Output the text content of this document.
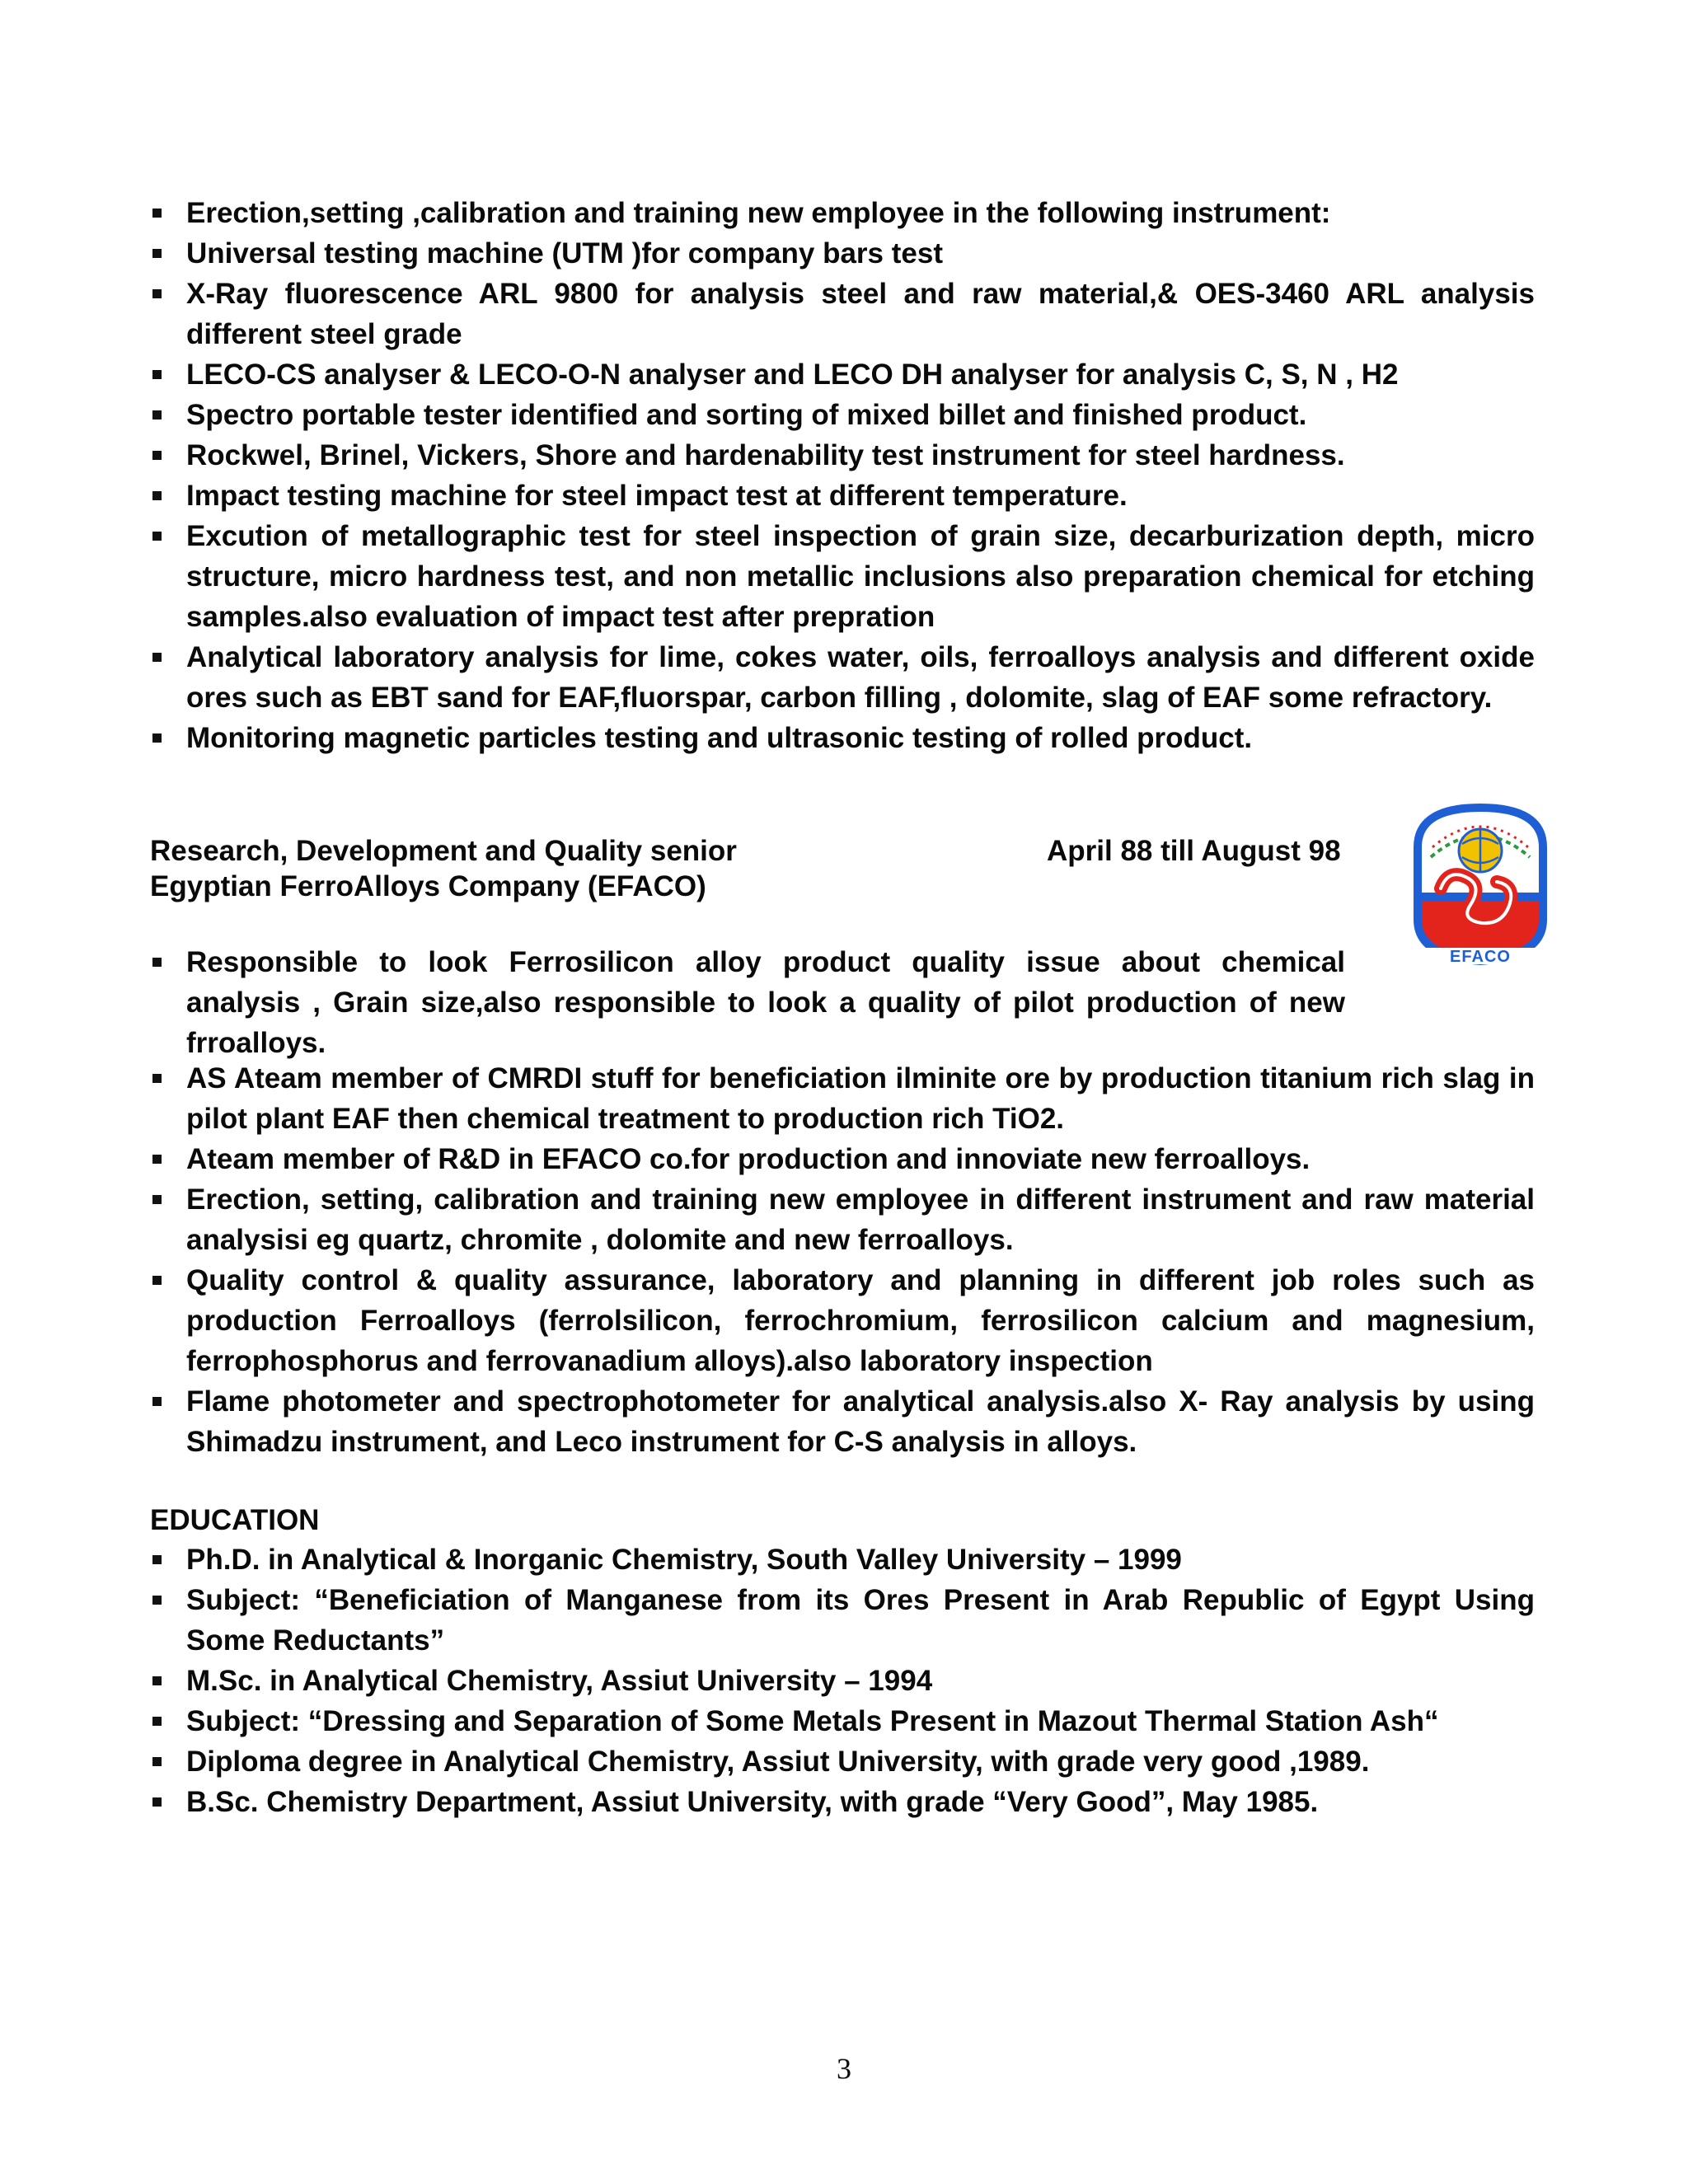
Erection,setting ,calibration and training new employee in the following instrument:
Universal testing machine (UTM )for company bars test
X-Ray fluorescence ARL 9800 for analysis steel and raw material,& OES-3460 ARL analysis different steel grade
LECO-CS analyser & LECO-O-N analyser and LECO DH analyser for analysis C, S, N , H2
Spectro portable tester identified and sorting of mixed billet and finished product.
Rockwel, Brinel, Vickers, Shore and hardenability test instrument for steel hardness.
Impact testing machine for steel impact test at different temperature.
Excution of metallographic test for steel inspection of grain size, decarburization depth, micro structure, micro hardness test, and non metallic inclusions also preparation chemical for etching samples.also evaluation of impact test after prepration
Analytical laboratory analysis for lime, cokes water, oils, ferroalloys analysis and different oxide ores such as EBT sand for EAF,fluorspar, carbon filling , dolomite, slag of EAF some refractory.
Monitoring magnetic particles testing and ultrasonic testing of rolled product.
Research, Development and Quality senior	April 88 till August 98
Egyptian FerroAlloys Company (EFACO)
EFACO
Responsible to look Ferrosilicon alloy product quality issue about chemical analysis , Grain size,also responsible to look a quality of pilot production of new frroalloys.
AS Ateam member of CMRDI stuff for beneficiation ilminite ore by production titanium rich slag in pilot plant EAF then chemical treatment to production rich TiO2.
Ateam member of R&D in EFACO co.for production and innoviate new ferroalloys.
Erection, setting, calibration and training new employee in different instrument and raw material analysisi eg quartz, chromite , dolomite and new ferroalloys.
Quality control & quality assurance, laboratory and planning in different job roles such as production Ferroalloys (ferrolsilicon, ferrochromium, ferrosilicon calcium and magnesium, ferrophosphorus and ferrovanadium alloys).also laboratory inspection
Flame photometer and spectrophotometer for analytical analysis.also X- Ray analysis by using Shimadzu instrument, and Leco instrument for C-S analysis in alloys.
EDUCATION
Ph.D. in Analytical & Inorganic Chemistry, South Valley University – 1999
Subject: “Beneficiation of Manganese from its Ores Present in Arab Republic of Egypt Using Some Reductants”
M.Sc. in Analytical Chemistry, Assiut University – 1994
Subject: “Dressing and Separation of Some Metals Present in Mazout Thermal Station Ash“
Diploma degree in Analytical Chemistry, Assiut University, with grade very good ,1989.
B.Sc. Chemistry Department, Assiut University, with grade “Very Good”, May 1985.
3
